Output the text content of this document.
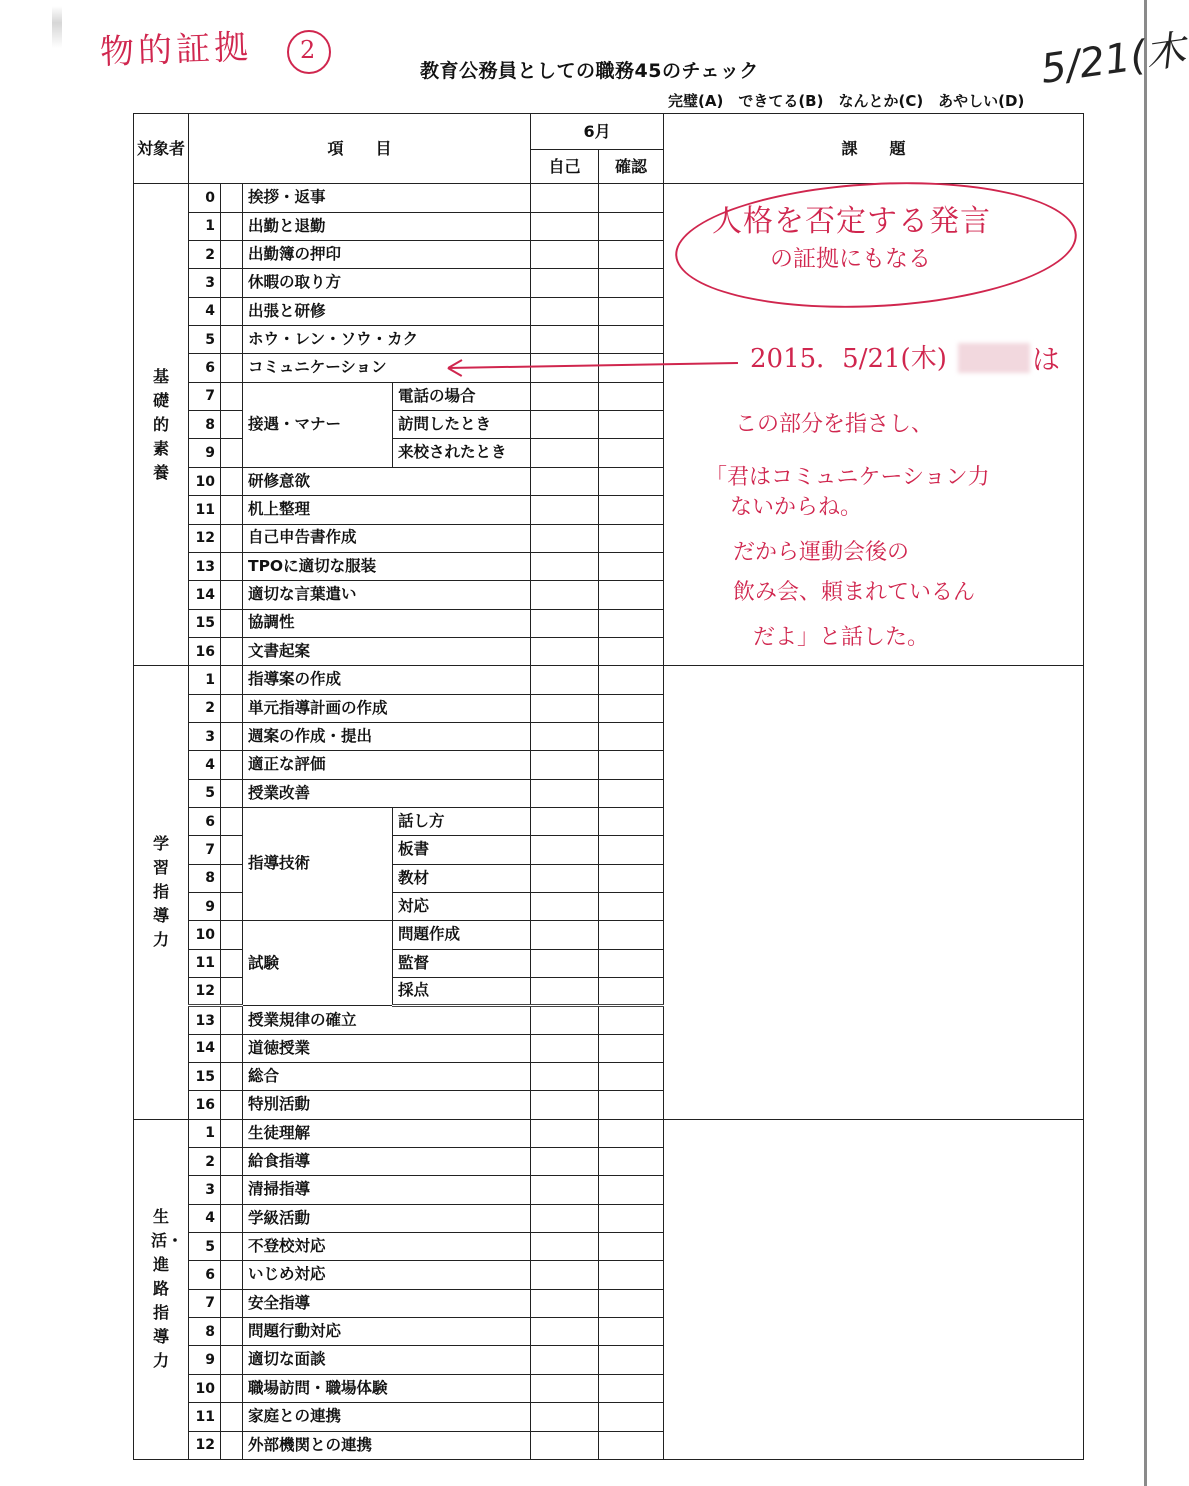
物的証拠 2	5/21(木
教育公務員としての職務45のチェック
完璧(A)　できてる(B)　なんとか(C)　あやしい(D)
対象者	項　　目				6月		課　　題
					自己	確認	
基礎的素養	0		挨拶・返事				
	1		出勤と退勤				
	2		出勤簿の押印				
	3		休暇の取り方				
	4		出張と研修				
	5		ホウ・レン・ソウ・カク				
	6		コミュニケーション				
	7		接遇・マナー	電話の場合			
	8			訪問したとき			
	9			来校されたとき			
	10		研修意欲				
	11		机上整理				
	12		自己申告書作成				
	13		TPOに適切な服装				
	14		適切な言葉遣い				
	15		協調性				
	16		文書起案				
学習指導力	1		指導案の作成				
	2		単元指導計画の作成				
	3		週案の作成・提出				
	4		適正な評価				
	5		授業改善				
	6		指導技術	話し方			
	7			板書			
	8			教材			
	9			対応			
	10		試験	問題作成			
	11			監督			
	12			採点			
	13		授業規律の確立				
	14		道徳授業				
	15		総合				
	16		特別活動				
生活・進路指導力	1		生徒理解				
	2		給食指導				
	3		清掃指導				
	4		学級活動				
	5		不登校対応				
	6		いじめ対応				
	7		安全指導				
	8		問題行動対応				
	9		適切な面談				
	10		職場訪問・職場体験				
	11		家庭との連携				
	12		外部機関との連携				
人格を否定する発言
の証拠にもなる
2015．5/21(木)	は
この部分を指さし、
「君はコミュニケーション力
ないからね。
だから運動会後の
飲み会、頼まれているん
だよ」と話した。
